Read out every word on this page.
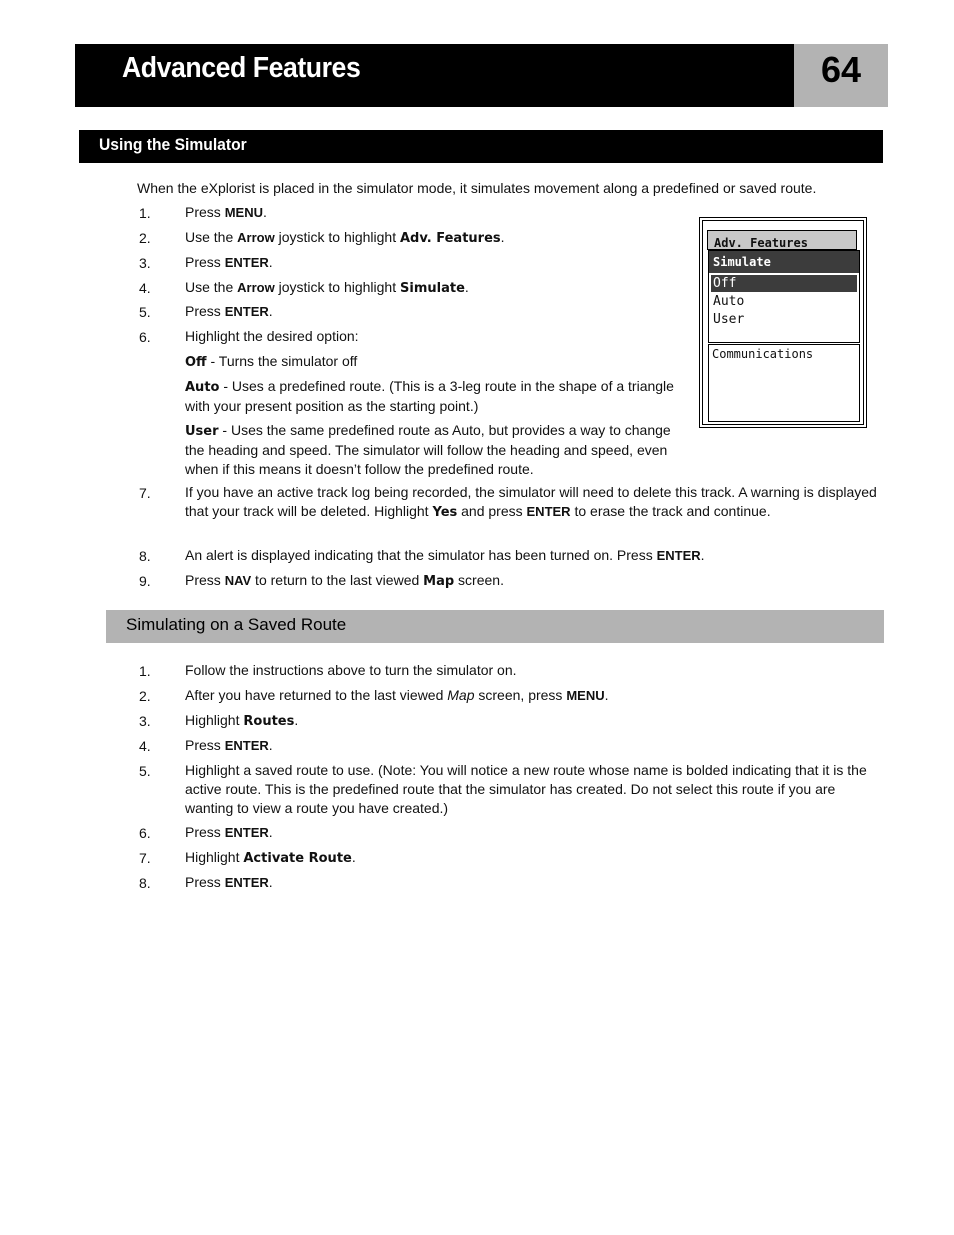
Advanced Features	64
Using the Simulator
When the eXplorist is placed in the simulator mode, it simulates movement along a predefined or saved route.
1. Press MENU.
2. Use the Arrow joystick to highlight Adv. Features.
3. Press ENTER.
4. Use the Arrow joystick to highlight Simulate.
5. Press ENTER.
6. Highlight the desired option:
Off - Turns the simulator off
Auto - Uses a predefined route. (This is a 3-leg route in the shape of a triangle with your present position as the starting point.)
User - Uses the same predefined route as Auto, but provides a way to change the heading and speed. The simulator will follow the heading and speed, even when if this means it doesn’t follow the predefined route.
7. If you have an active track log being recorded, the simulator will need to delete this track. A warning is displayed that your track will be deleted. Highlight Yes and press ENTER to erase the track and continue.
8. An alert is displayed indicating that the simulator has been turned on. Press ENTER.
9. Press NAV to return to the last viewed Map screen.
Adv. Features
Simulate
Off
Auto
User
Communications
Simulating on a Saved Route
1. Follow the instructions above to turn the simulator on.
2. After you have returned to the last viewed Map screen, press MENU.
3. Highlight Routes.
4. Press ENTER.
5. Highlight a saved route to use. (Note: You will notice a new route whose name is bolded indicating that it is the active route. This is the predefined route that the simulator has created. Do not select this route if you are wanting to view a route you have created.)
6. Press ENTER.
7. Highlight Activate Route.
8. Press ENTER.
